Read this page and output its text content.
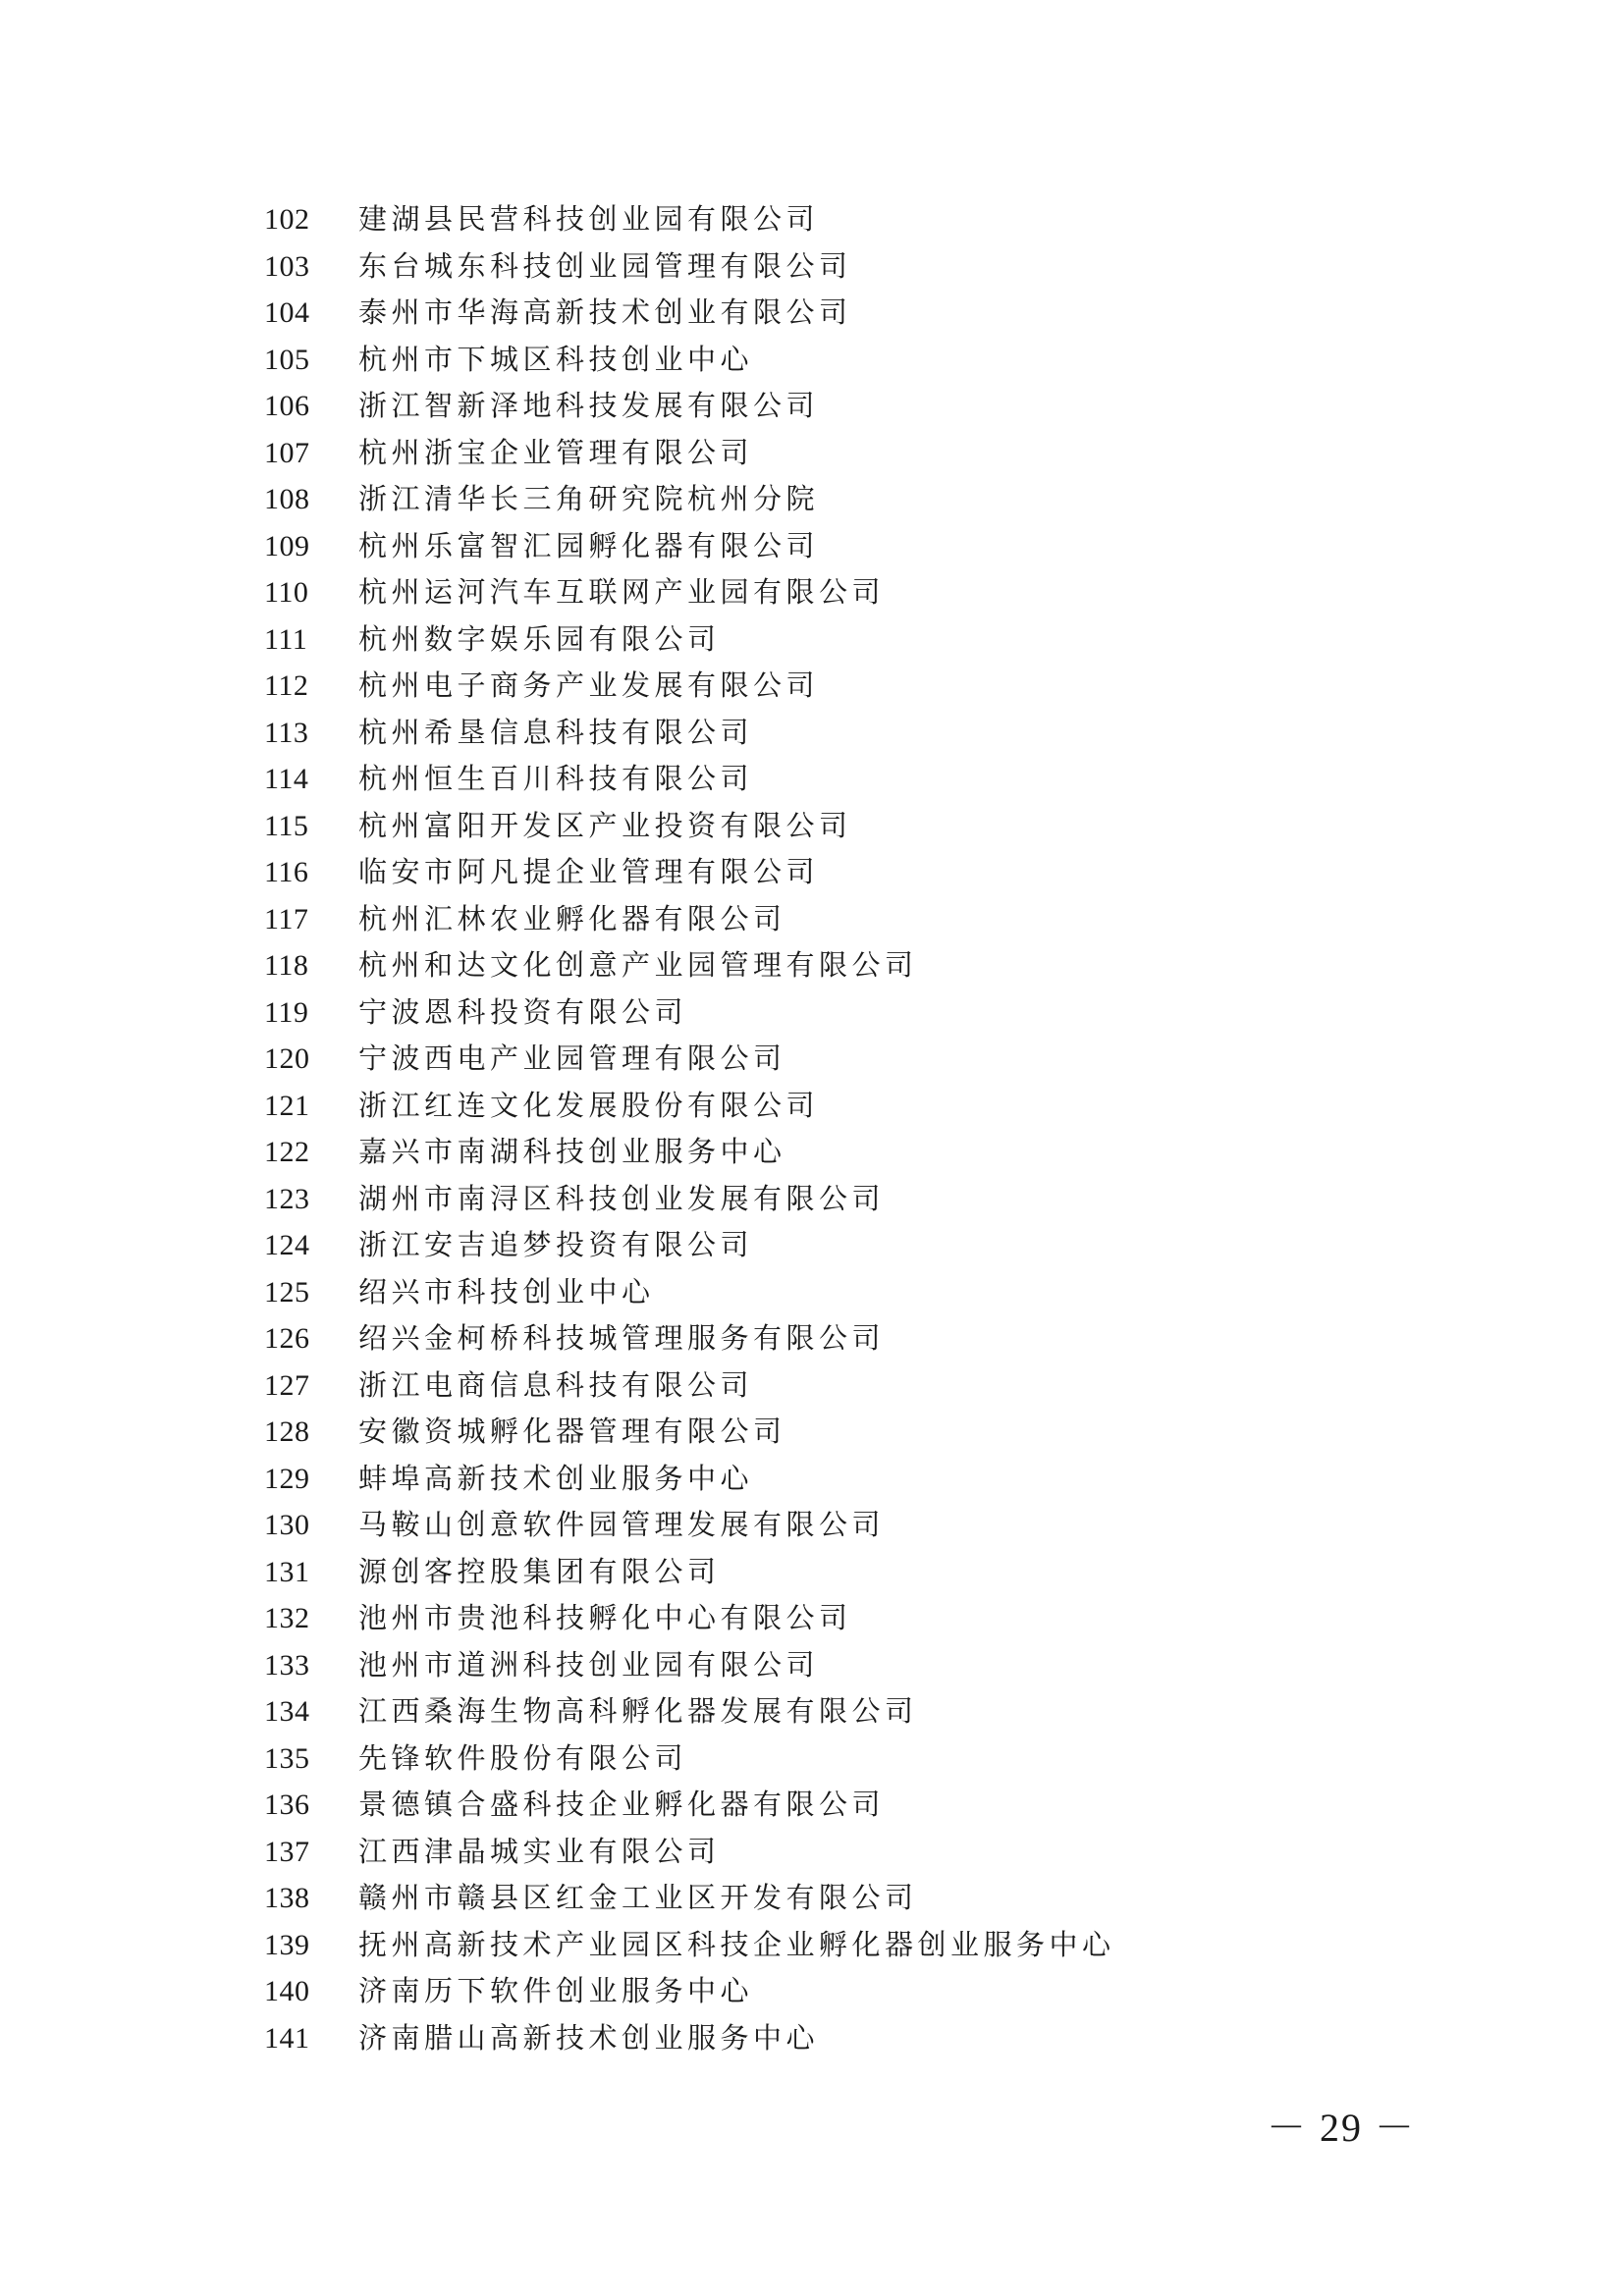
102 建湖县民营科技创业园有限公司
103 东台城东科技创业园管理有限公司
104 泰州市华海高新技术创业有限公司
105 杭州市下城区科技创业中心
106 浙江智新泽地科技发展有限公司
107 杭州浙宝企业管理有限公司
108 浙江清华长三角研究院杭州分院
109 杭州乐富智汇园孵化器有限公司
110 杭州运河汽车互联网产业园有限公司
111 杭州数字娱乐园有限公司
112 杭州电子商务产业发展有限公司
113 杭州希垦信息科技有限公司
114 杭州恒生百川科技有限公司
115 杭州富阳开发区产业投资有限公司
116 临安市阿凡提企业管理有限公司
117 杭州汇林农业孵化器有限公司
118 杭州和达文化创意产业园管理有限公司
119 宁波恩科投资有限公司
120 宁波西电产业园管理有限公司
121 浙江红连文化发展股份有限公司
122 嘉兴市南湖科技创业服务中心
123 湖州市南浔区科技创业发展有限公司
124 浙江安吉追梦投资有限公司
125 绍兴市科技创业中心
126 绍兴金柯桥科技城管理服务有限公司
127 浙江电商信息科技有限公司
128 安徽资城孵化器管理有限公司
129 蚌埠高新技术创业服务中心
130 马鞍山创意软件园管理发展有限公司
131 源创客控股集团有限公司
132 池州市贵池科技孵化中心有限公司
133 池州市道洲科技创业园有限公司
134 江西桑海生物高科孵化器发展有限公司
135 先锋软件股份有限公司
136 景德镇合盛科技企业孵化器有限公司
137 江西津晶城实业有限公司
138 赣州市赣县区红金工业区开发有限公司
139 抚州高新技术产业园区科技企业孵化器创业服务中心
140 济南历下软件创业服务中心
141 济南腊山高新技术创业服务中心
－ 29 －
